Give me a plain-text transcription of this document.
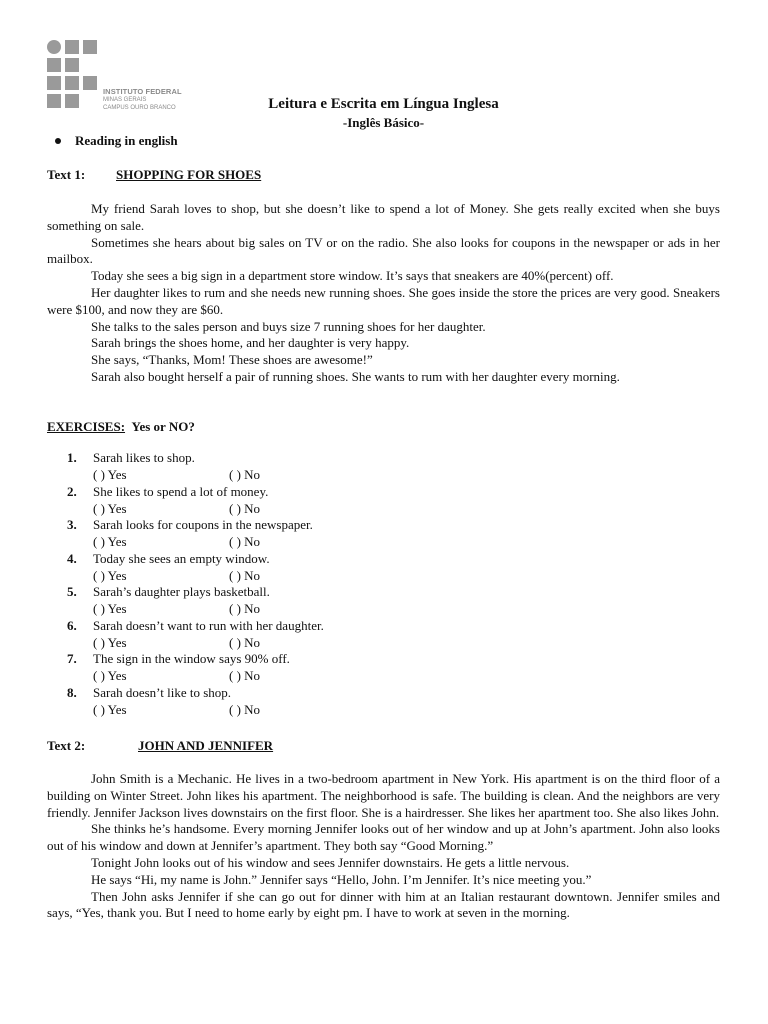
INSTITUTO FEDERAL
MINAS GERAIS
CAMPUS OURO BRANCO	Leitura e Escrita em Língua Inglesa
-Inglês Básico-
Reading in english
Text 1: SHOPPING FOR SHOES

My friend Sarah loves to shop, but she doesn’t like to spend a lot of Money. She gets really excited when she buys something on sale.

Sometimes she hears about big sales on TV or on the radio. She also looks for coupons in the newspaper or ads in her mailbox.

Today she sees a big sign in a department store window. It’s says that sneakers are 40%(percent) off.

Her daughter likes to rum and she needs new running shoes. She goes inside the store the prices are very good. Sneakers were $100, and now they are $60.

She talks to the sales person and buys size 7 running shoes for her daughter.

Sarah brings the shoes home, and her daughter is very happy.

She says, “Thanks, Mom! These shoes are awesome!”

Sarah also bought herself a pair of running shoes. She wants to rum with her daughter every morning.

EXERCISES: Yes or NO?
1. Sarah likes to shop.
( ) Yes	( ) No
2. She likes to spend a lot of money.
( ) Yes	( ) No
3. Sarah looks for coupons in the newspaper.
( ) Yes	( ) No
4. Today she sees an empty window.
( ) Yes	( ) No
5. Sarah’s daughter plays basketball.
( ) Yes	( ) No
6. Sarah doesn’t want to run with her daughter.
( ) Yes	( ) No
7. The sign in the window says 90% off.
( ) Yes	( ) No
8. Sarah doesn’t like to shop.
( ) Yes	( ) No
Text 2:	JOHN AND JENNIFER

John Smith is a Mechanic. He lives in a two-bedroom apartment in New York. His apartment is on the third floor of a building on Winter Street. John likes his apartment. The neighborhood is safe. The building is clean. And the neighbors are very friendly. Jennifer Jackson lives downstairs on the first floor. She is a hairdresser. She likes her apartment too. She also likes John.

She thinks he’s handsome. Every morning Jennifer looks out of her window and up at John’s apartment. John also looks out of his window and down at Jennifer’s apartment. They both say “Good Morning.”

Tonight John looks out of his window and sees Jennifer downstairs. He gets a little nervous.

He says “Hi, my name is John.” Jennifer says “Hello, John. I’m Jennifer. It’s nice meeting you.”

Then John asks Jennifer if she can go out for dinner with him at an Italian restaurant downtown. Jennifer smiles and says, “Yes, thank you. But I need to home early by eight pm. I have to work at seven in the morning.
